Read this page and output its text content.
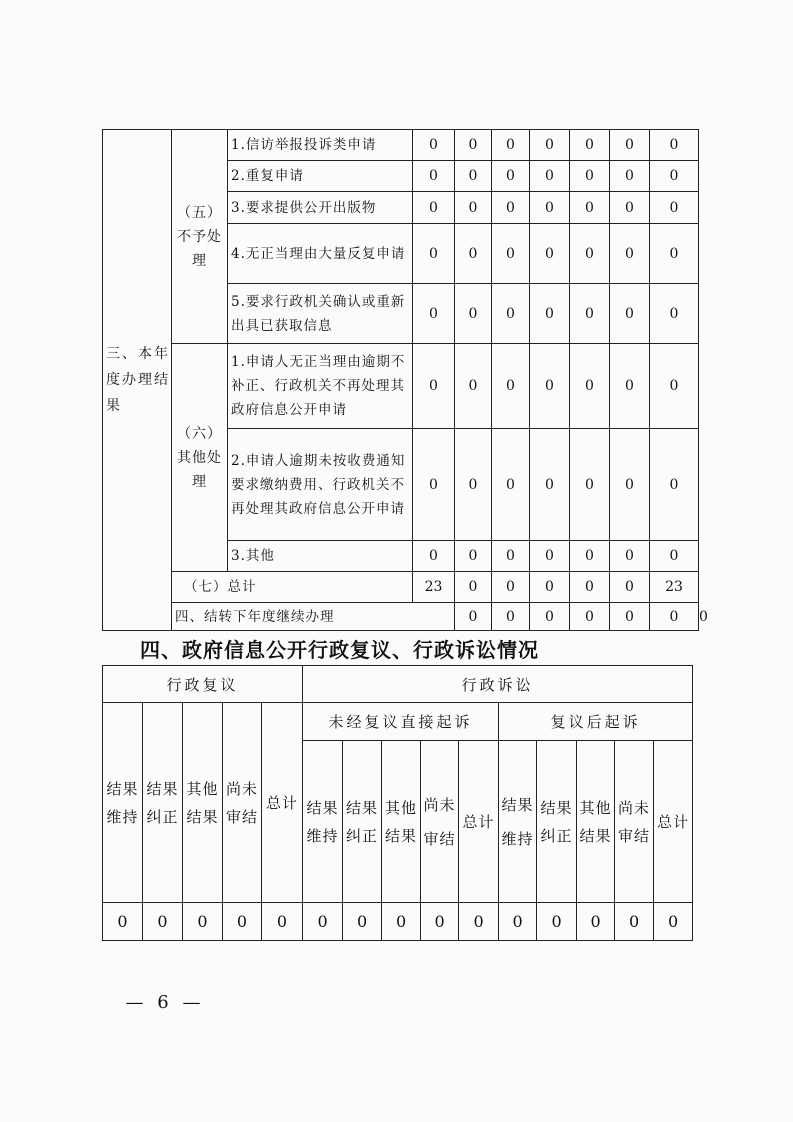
三、本年度办理结果	（五）不予处理	1.信访举报投诉类申请	0	0	0	0	0	0	0	
		2.重复申请	0	0	0	0	0	0	0	
		3.要求提供公开出版物	0	0	0	0	0	0	0	
		4.无正当理由大量反复申请	0	0	0	0	0	0	0	
		5.要求行政机关确认或重新出具已获取信息	0	0	0	0	0	0	0	
	（六）其他处理	1.申请人无正当理由逾期不补正、行政机关不再处理其政府信息公开申请	0	0	0	0	0	0	0	
		2.申请人逾期未按收费通知要求缴纳费用、行政机关不再处理其政府信息公开申请	0	0	0	0	0	0	0	
		3.其他	0	0	0	0	0	0	0	
	（七）总计		23	0	0	0	0	0	23	
	四、结转下年度继续办理			0	0	0	0	0	0	0
四、政府信息公开行政复议、行政诉讼情况
行政复议					行政诉讼									
结果维持	结果纠正	其他结果	尚未审结	总计	未经复议直接起诉					复议后起诉				
					结果维持	结果纠正	其他结果	尚未审结	总计	结果维持	结果纠正	其他结果	尚未审结	总计
0	0	0	0	0	0	0	0	0	0	0	0	0	0	0
— 6 —
